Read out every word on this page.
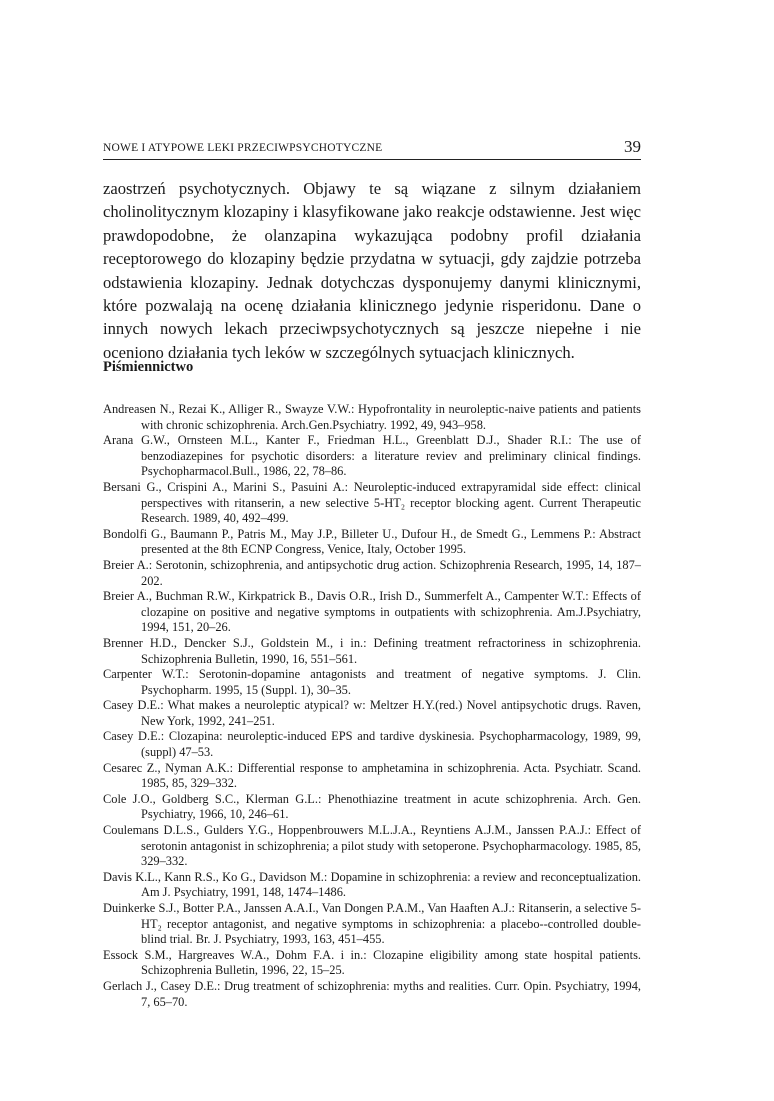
NOWE I ATYPOWE LEKI PRZECIWPSYCHOTYCZNE	39

zaostrzeń psychotycznych. Objawy te są wiązane z silnym działaniem cholinolitycznym klozapiny i klasyfikowane jako reakcje odstawienne. Jest więc prawdopodobne, że olanzapina wykazująca podobny profil działania receptorowego do klozapiny będzie przydatna w sytuacji, gdy zajdzie potrzeba odstawienia klozapiny. Jednak dotychczas dysponujemy danymi klinicznymi, które pozwalają na ocenę działania klinicznego jedynie risperidonu. Dane o innych nowych lekach przeciwpsychotycznych są jeszcze niepełne i nie oceniono działania tych leków w szczególnych sytuacjach klinicznych.

Piśmiennictwo
Andreasen N., Rezai K., Alliger R., Swayze V.W.: Hypofrontality in neuroleptic-naive patients and patients with chronic schizophrenia. Arch.Gen.Psychiatry. 1992, 49, 943–958.
Arana G.W., Ornsteen M.L., Kanter F., Friedman H.L., Greenblatt D.J., Shader R.I.: The use of benzodiazepines for psychotic disorders: a literature reviev and preliminary clinical findings. Psychopharmacol.Bull., 1986, 22, 78–86.
Bersani G., Crispini A., Marini S., Pasuini A.: Neuroleptic-induced extrapyramidal side effect: clinical perspectives with ritanserin, a new selective 5-HT₂ receptor blocking agent. Current Therapeutic Research. 1989, 40, 492–499.
Bondolfi G., Baumann P., Patris M., May J.P., Billeter U., Dufour H., de Smedt G., Lemmens P.: Abstract presented at the 8th ECNP Congress, Venice, Italy, October 1995.
Breier A.: Serotonin, schizophrenia, and antipsychotic drug action. Schizophrenia Research, 1995, 14, 187–202.
Breier A., Buchman R.W., Kirkpatrick B., Davis O.R., Irish D., Summerfelt A., Campenter W.T.: Effects of clozapine on positive and negative symptoms in outpatients with schizophrenia. Am.J.Psychiatry, 1994, 151, 20–26.
Brenner H.D., Dencker S.J., Goldstein M., i in.: Defining treatment refractoriness in schizophrenia. Schizophrenia Bulletin, 1990, 16, 551–561.
Carpenter W.T.: Serotonin-dopamine antagonists and treatment of negative symptoms. J. Clin. Psychopharm. 1995, 15 (Suppl. 1), 30–35.
Casey D.E.: What makes a neuroleptic atypical? w: Meltzer H.Y.(red.) Novel antipsychotic drugs. Raven, New York, 1992, 241–251.
Casey D.E.: Clozapina: neuroleptic-induced EPS and tardive dyskinesia. Psychopharmacology, 1989, 99, (suppl) 47–53.
Cesarec Z., Nyman A.K.: Differential response to amphetamina in schizophrenia. Acta. Psychiatr. Scand. 1985, 85, 329–332.
Cole J.O., Goldberg S.C., Klerman G.L.: Phenothiazine treatment in acute schizophrenia. Arch. Gen. Psychiatry, 1966, 10, 246–61.
Coulemans D.L.S., Gulders Y.G., Hoppenbrouwers M.L.J.A., Reyntiens A.J.M., Janssen P.A.J.: Effect of serotonin antagonist in schizophrenia; a pilot study with setoperone. Psychopharmacology. 1985, 85, 329–332.
Davis K.L., Kann R.S., Ko G., Davidson M.: Dopamine in schizophrenia: a review and reconceptualization. Am J. Psychiatry, 1991, 148, 1474–1486.
Duinkerke S.J., Botter P.A., Janssen A.A.I., Van Dongen P.A.M., Van Haaften A.J.: Ritanserin, a selective 5-HT₂ receptor antagonist, and negative symptoms in schizophrenia: a placebo--controlled double-blind trial. Br. J. Psychiatry, 1993, 163, 451–455.
Essock S.M., Hargreaves W.A., Dohm F.A. i in.: Clozapine eligibility among state hospital patients. Schizophrenia Bulletin, 1996, 22, 15–25.
Gerlach J., Casey D.E.: Drug treatment of schizophrenia: myths and realities. Curr. Opin. Psychiatry, 1994, 7, 65–70.
